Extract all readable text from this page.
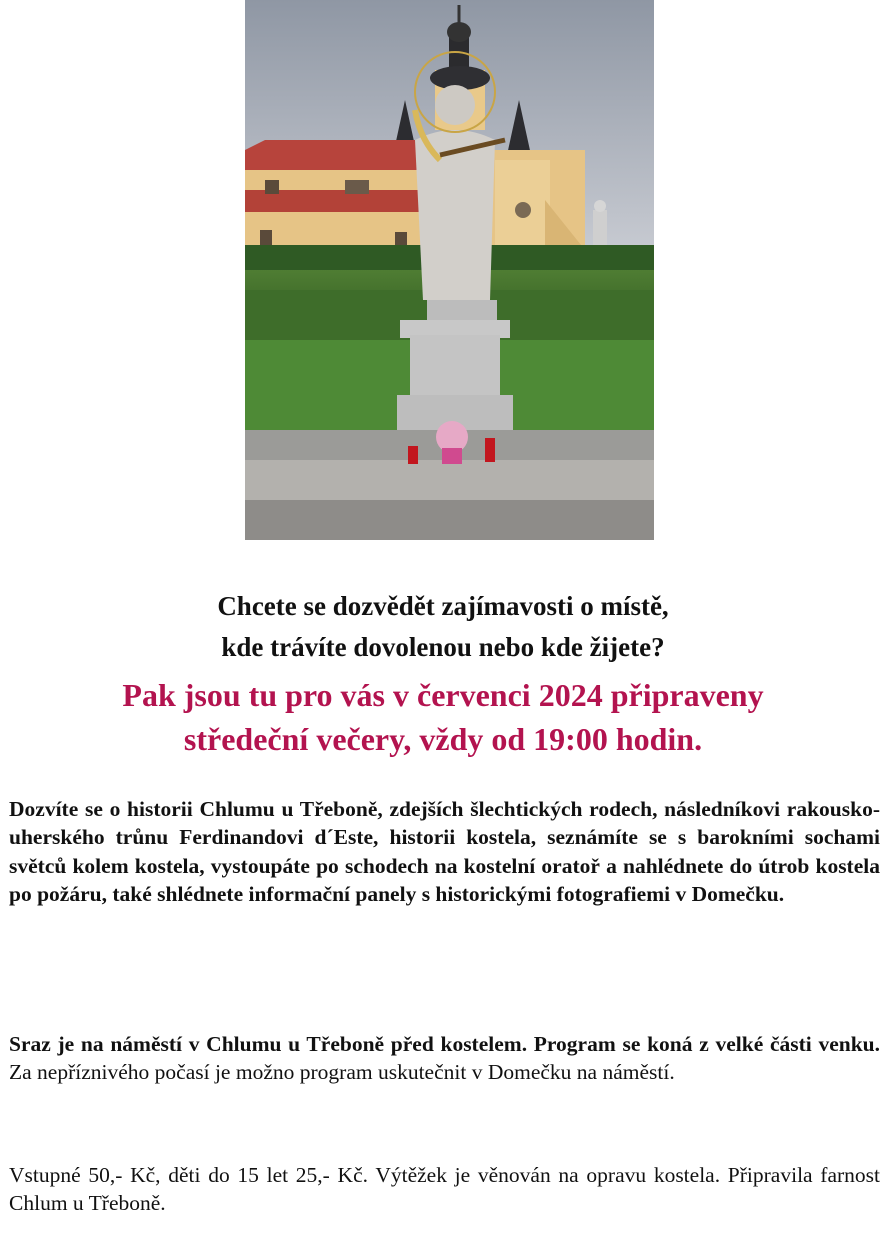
Chcete se dozvědět zajímavosti o místě,
kde trávíte dovolenou nebo kde žijete?

Pak jsou tu pro vás v červenci 2024 připraveny
středeční večery, vždy od 19:00 hodin.

Dozvíte se o historii Chlumu u Třeboně, zdejších šlechtických rodech, následníkovi rakousko-uherského trůnu Ferdinandovi d´Este, historii kostela, seznámíte se s barokními sochami světců kolem kostela, vystoupáte po schodech na kostelní oratoř a nahlédnete do útrob kostela po požáru, také shlédnete informační panely s historickými fotografiemi v Domečku.

Sraz je na náměstí v Chlumu u Třeboně před kostelem. Program se koná z velké části venku. Za nepříznivého počasí je možno program uskutečnit v Domečku na náměstí.

Vstupné 50,- Kč, děti do 15 let 25,- Kč. Výtěžek je věnován na opravu kostela. Připravila farnost Chlum u Třeboně.
